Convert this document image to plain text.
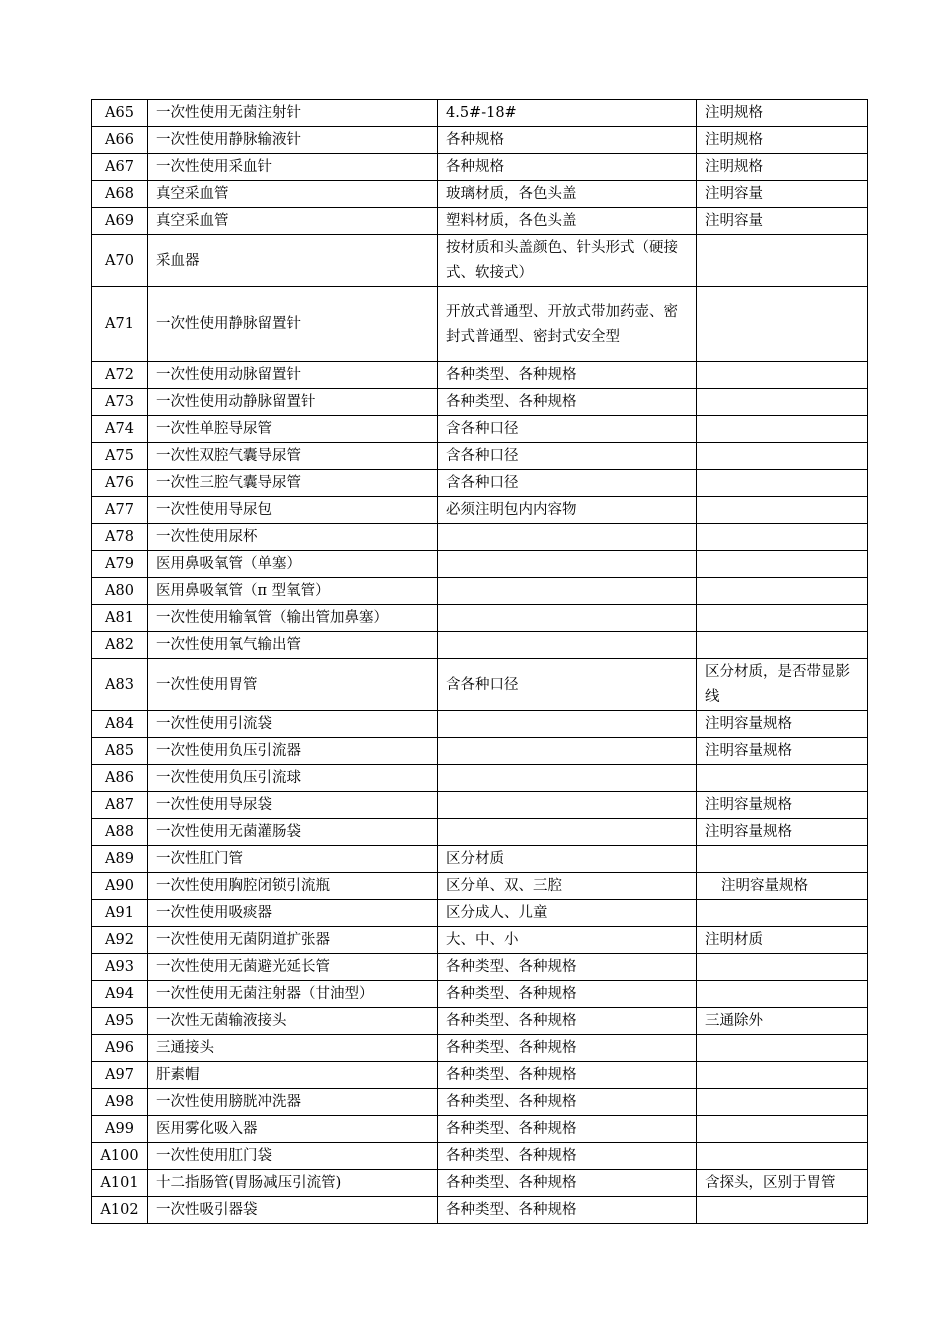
A65	一次性使用无菌注射针	4.5#-18#	注明规格
A66	一次性使用静脉输液针	各种规格	注明规格
A67	一次性使用采血针	各种规格	注明规格
A68	真空采血管	玻璃材质，各色头盖	注明容量
A69	真空采血管	塑料材质，各色头盖	注明容量
A70	采血器	按材质和头盖颜色、针头形式（硬接式、软接式）	
A71	一次性使用静脉留置针	开放式普通型、开放式带加药壶、密封式普通型、密封式安全型	
A72	一次性使用动脉留置针	各种类型、各种规格	
A73	一次性使用动静脉留置针	各种类型、各种规格	
A74	一次性单腔导尿管	含各种口径	
A75	一次性双腔气囊导尿管	含各种口径	
A76	一次性三腔气囊导尿管	含各种口径	
A77	一次性使用导尿包	必须注明包内内容物	
A78	一次性使用尿杯		
A79	医用鼻吸氧管（单塞）		
A80	医用鼻吸氧管（π 型氧管）		
A81	一次性使用输氧管（输出管加鼻塞）		
A82	一次性使用氧气输出管		
A83	一次性使用胃管	含各种口径	区分材质，是否带显影线
A84	一次性使用引流袋		注明容量规格
A85	一次性使用负压引流器		注明容量规格
A86	一次性使用负压引流球		
A87	一次性使用导尿袋		注明容量规格
A88	一次性使用无菌灌肠袋		注明容量规格
A89	一次性肛门管	区分材质	
A90	一次性使用胸腔闭锁引流瓶	区分单、双、三腔	注明容量规格
A91	一次性使用吸痰器	区分成人、儿童	
A92	一次性使用无菌阴道扩张器	大、中、小	注明材质
A93	一次性使用无菌避光延长管	各种类型、各种规格	
A94	一次性使用无菌注射器（甘油型）	各种类型、各种规格	
A95	一次性无菌输液接头	各种类型、各种规格	三通除外
A96	三通接头	各种类型、各种规格	
A97	肝素帽	各种类型、各种规格	
A98	一次性使用膀胱冲洗器	各种类型、各种规格	
A99	医用雾化吸入器	各种类型、各种规格	
A100	一次性使用肛门袋	各种类型、各种规格	
A101	十二指肠管(胃肠减压引流管)	各种类型、各种规格	含探头，区别于胃管
A102	一次性吸引器袋	各种类型、各种规格	
